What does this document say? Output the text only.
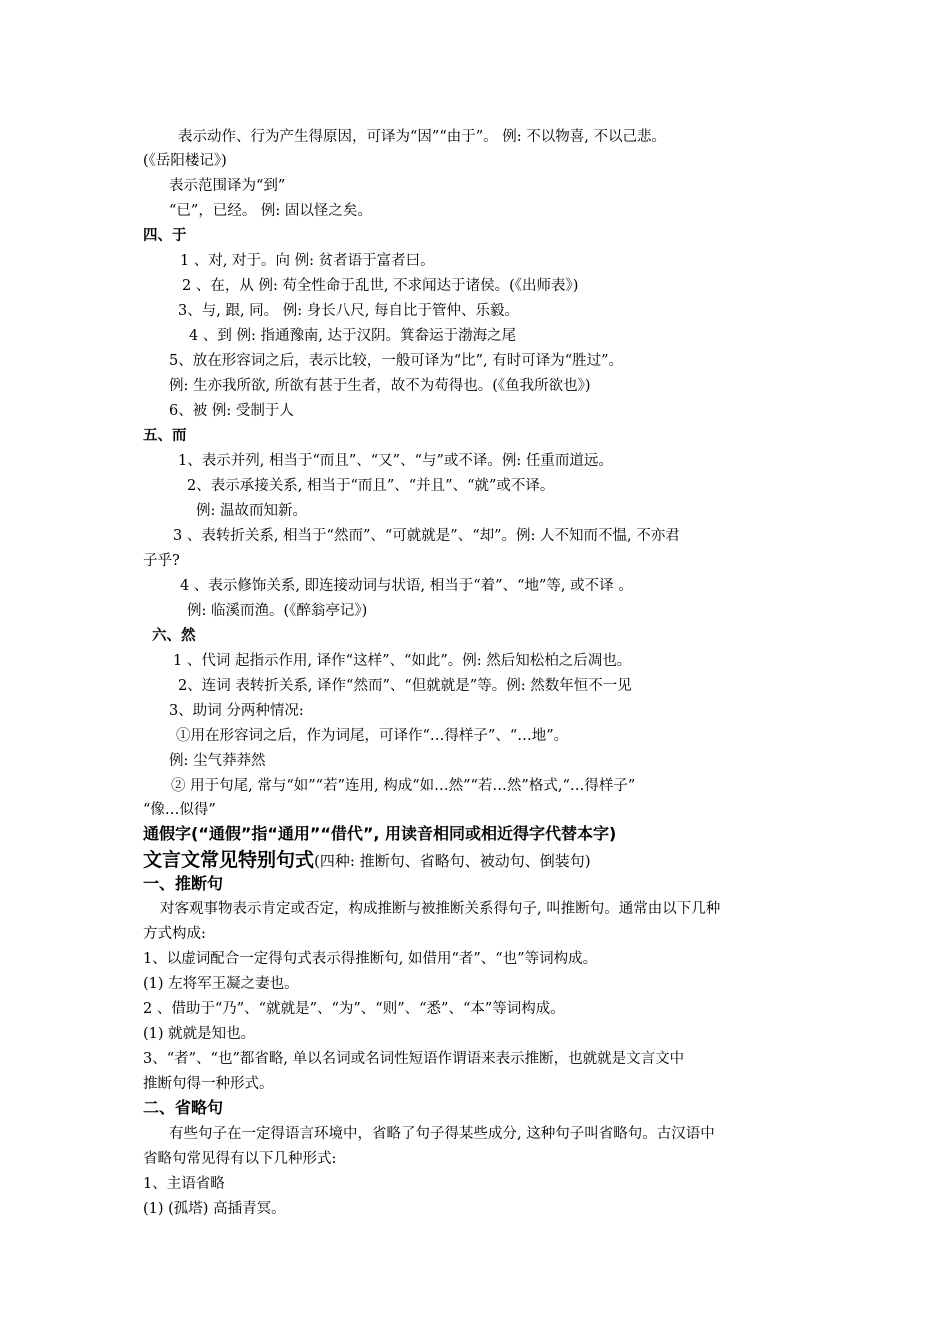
表示动作、行为产生得原因，可译为“因”“由于”。 例: 不以物喜, 不以己悲。
(《岳阳楼记》)
表示范围译为“到”
“已”，已经。 例: 固以怪之矣。
四、于
1 、对, 对于。向 例: 贫者语于富者曰。
2 、在，从 例: 苟全性命于乱世, 不求闻达于诸侯。(《出师表》)
3、与, 跟, 同。 例: 身长八尺, 每自比于管仲、乐毅。
4 、到 例: 指通豫南, 达于汉阴。箕畚运于渤海之尾
5、放在形容词之后，表示比较，一般可译为“比”, 有时可译为“胜过”。
例: 生亦我所欲, 所欲有甚于生者，故不为苟得也。(《鱼我所欲也》)
6、被 例: 受制于人
五、而
1、表示并列, 相当于“而且”、“又”、“与”或不译。例: 任重而道远。
2、表示承接关系, 相当于“而且”、“并且”、“就”或不译。
例: 温故而知新。
3 、表转折关系, 相当于“然而”、“可就就是”、“却”。例: 人不知而不愠, 不亦君
子乎?
4 、表示修饰关系, 即连接动词与状语, 相当于“着”、“地”等, 或不译 。
例: 临溪而渔。(《醉翁亭记》)
六、然
1 、代词 起指示作用, 译作“这样”、“如此”。例: 然后知松柏之后凋也。
2、连词 表转折关系, 译作“然而”、“但就就是”等。例: 然数年恒不一见
3、助词 分两种情况:
①用在形容词之后，作为词尾，可译作“…得样子”、“…地”。
例: 尘气莽莽然
② 用于句尾, 常与“如”“若”连用, 构成“如…然”“若…然”格式,“…得样子”
“像…似得”
通假字(“通假”指“通用”“借代”, 用读音相同或相近得字代替本字)
文言文常见特别句式(四种: 推断句、省略句、被动句、倒装句)
一、推断句
对客观事物表示肯定或否定，构成推断与被推断关系得句子, 叫推断句。通常由以下几种
方式构成:
1、以虚词配合一定得句式表示得推断句, 如借用“者”、“也”等词构成。
(1) 左将军王凝之妻也。
2 、借助于“乃”、“就就是”、“为”、“则”、“悉”、“本”等词构成。
(1) 就就是知也。
3、“者”、“也”都省略, 单以名词或名词性短语作谓语来表示推断，也就就是文言文中
推断句得一种形式。
二、省略句
有些句子在一定得语言环境中，省略了句子得某些成分, 这种句子叫省略句。古汉语中
省略句常见得有以下几种形式:
1、主语省略
(1) (孤塔) 高插青冥。
